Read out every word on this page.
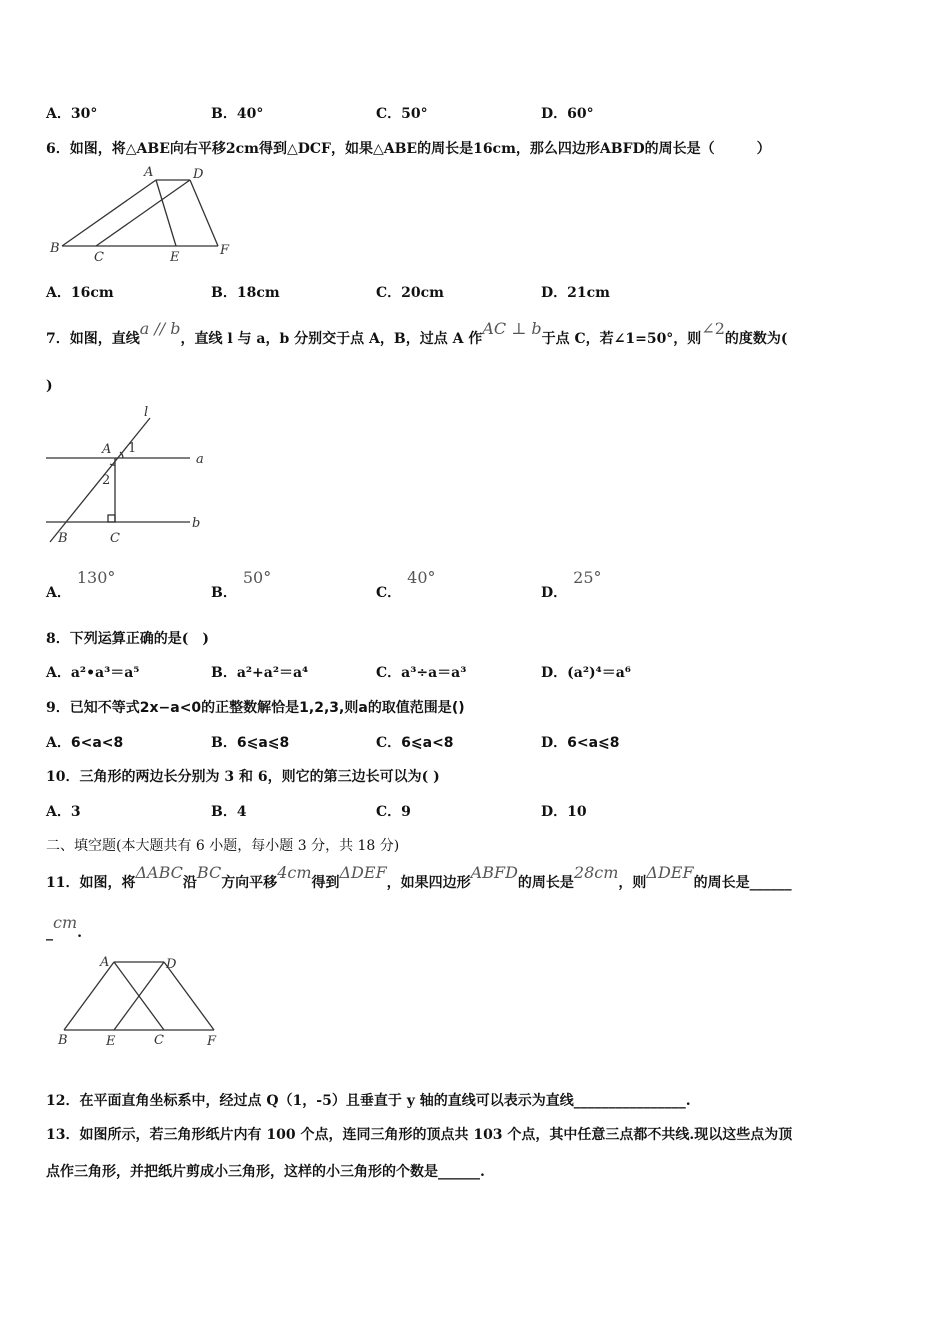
A．30°	B．40°	C．50°	D．60°
6．如图，将△ABE向右平移2cm得到△DCF，如果△ABE的周长是16cm，那么四边形ABFD的周长是（　　　）
A	D
B
C	E	F
A．16cm	B．18cm	C．20cm	D．21cm
7．如图，直线a // b，直线 l 与 a，b 分别交于点 A，B，过点 A 作AC ⊥ b于点 C，若∠1=50°，则∠2的度数为(
)
l
A 1
2
a
b
B	C
A．130°
B．50°
C．40°
D．25°
8．下列运算正确的是(　)
A．a²•a³＝a⁵	B．a²+a²＝a⁴	C．a³÷a＝a³	D．(a²)⁴＝a⁶
9．已知不等式2x−a<0的正整数解恰是1,2,3,则a的取值范围是()
A．6<a<8	B．6⩽a⩽8	C．6⩽a<8	D．6<a⩽8
10．三角形的两边长分别为 3 和 6，则它的第三边长可以为( )
A．3	B．4	C．9	D．10
二、填空题(本大题共有 6 小题，每小题 3 分，共 18 分)
11．如图，将ΔABC沿BC方向平移4cm得到ΔDEF，如果四边形ABFD的周长是28cm，则ΔDEF的周长是______
_cm.
A	D
B	E	C	F
12．在平面直角坐标系中，经过点 Q（1，-5）且垂直于 y 轴的直线可以表示为直线________________.
13．如图所示，若三角形纸片内有 100 个点，连同三角形的顶点共 103 个点，其中任意三点都不共线.现以这些点为顶
点作三角形，并把纸片剪成小三角形，这样的小三角形的个数是______.
